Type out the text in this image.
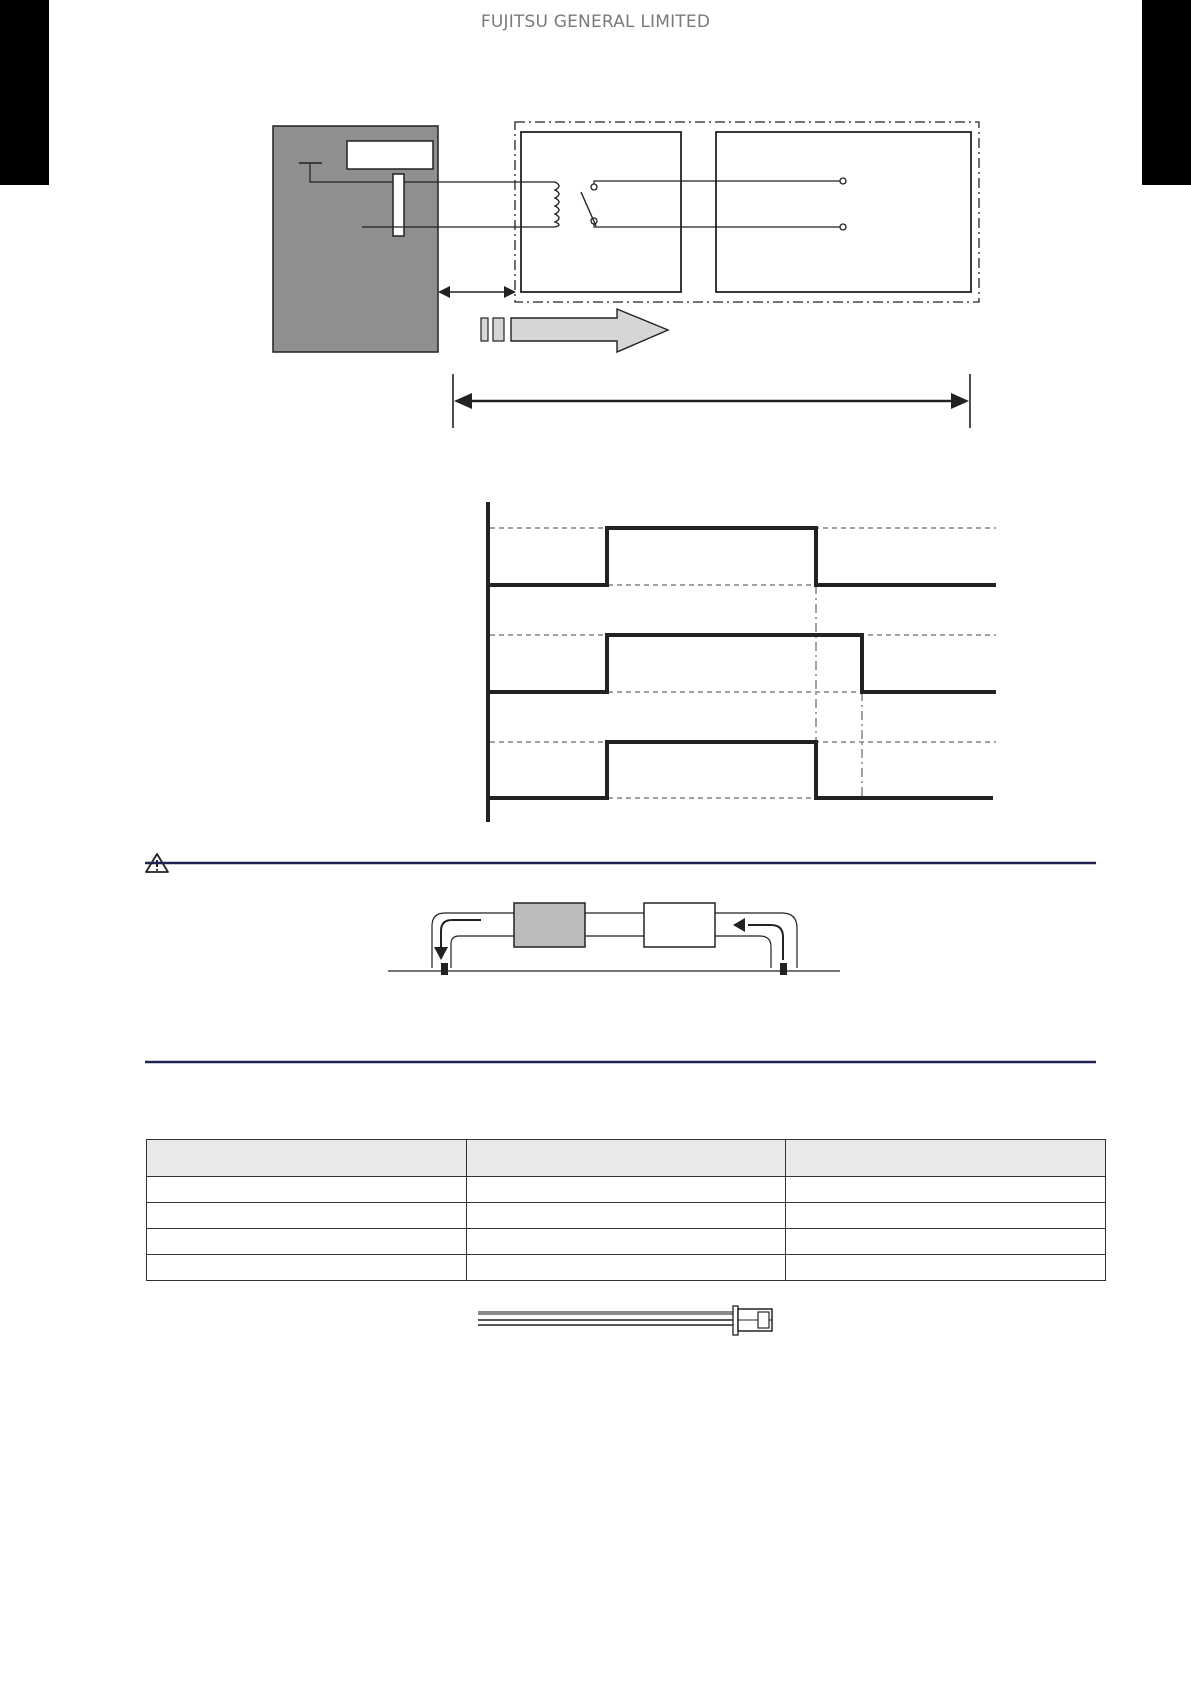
FUJITSU GENERAL LIMITED
